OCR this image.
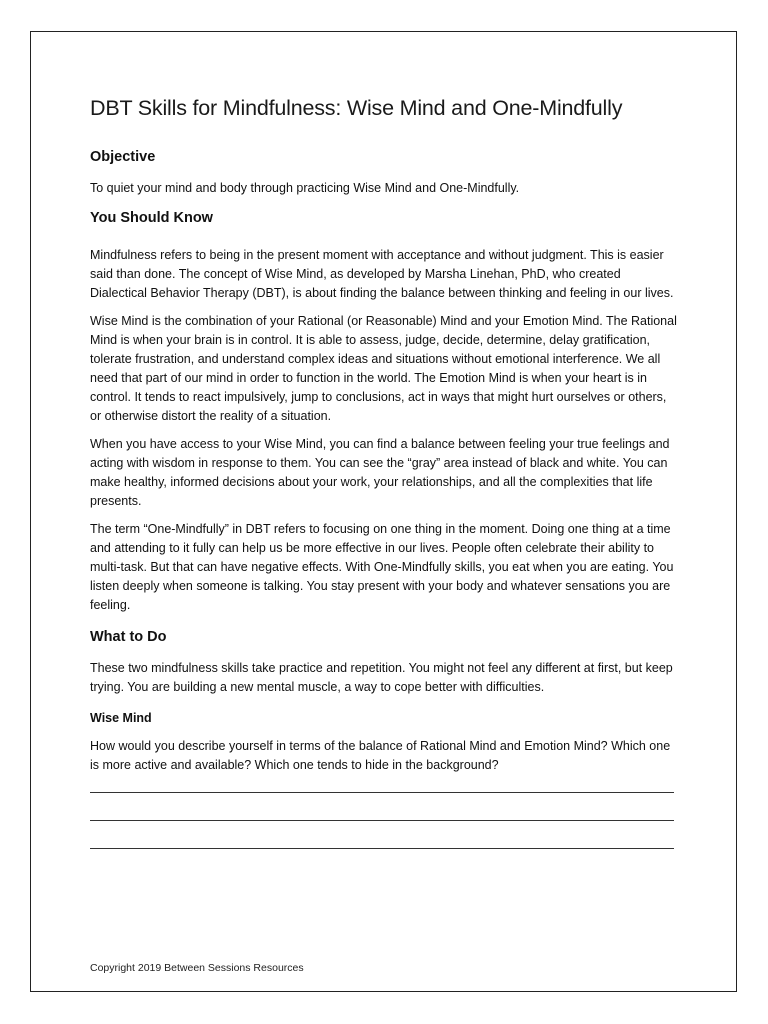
DBT Skills for Mindfulness: Wise Mind and One-Mindfully
Objective

To quiet your mind and body through practicing Wise Mind and One-Mindfully.

You Should Know

Mindfulness refers to being in the present moment with acceptance and without judgment. This is easier said than done. The concept of Wise Mind, as developed by Marsha Linehan, PhD, who created Dialectical Behavior Therapy (DBT), is about finding the balance between thinking and feeling in our lives.

Wise Mind is the combination of your Rational (or Reasonable) Mind and your Emotion Mind. The Rational Mind is when your brain is in control. It is able to assess, judge, decide, determine, delay gratification, tolerate frustration, and understand complex ideas and situations without emotional interference. We all need that part of our mind in order to function in the world. The Emotion Mind is when your heart is in control. It tends to react impulsively, jump to conclusions, act in ways that might hurt ourselves or others, or otherwise distort the reality of a situation.

When you have access to your Wise Mind, you can find a balance between feeling your true feelings and acting with wisdom in response to them. You can see the “gray” area instead of black and white. You can make healthy, informed decisions about your work, your relationships, and all the complexities that life presents.

The term “One-Mindfully” in DBT refers to focusing on one thing in the moment. Doing one thing at a time and attending to it fully can help us be more effective in our lives. People often celebrate their ability to multi-task. But that can have negative effects. With One-Mindfully skills, you eat when you are eating. You listen deeply when someone is talking. You stay present with your body and whatever sensations you are feeling.

What to Do

These two mindfulness skills take practice and repetition. You might not feel any different at first, but keep trying. You are building a new mental muscle, a way to cope better with difficulties.

Wise Mind

How would you describe yourself in terms of the balance of Rational Mind and Emotion Mind? Which one is more active and available? Which one tends to hide in the background?

Copyright 2019 Between Sessions Resources
